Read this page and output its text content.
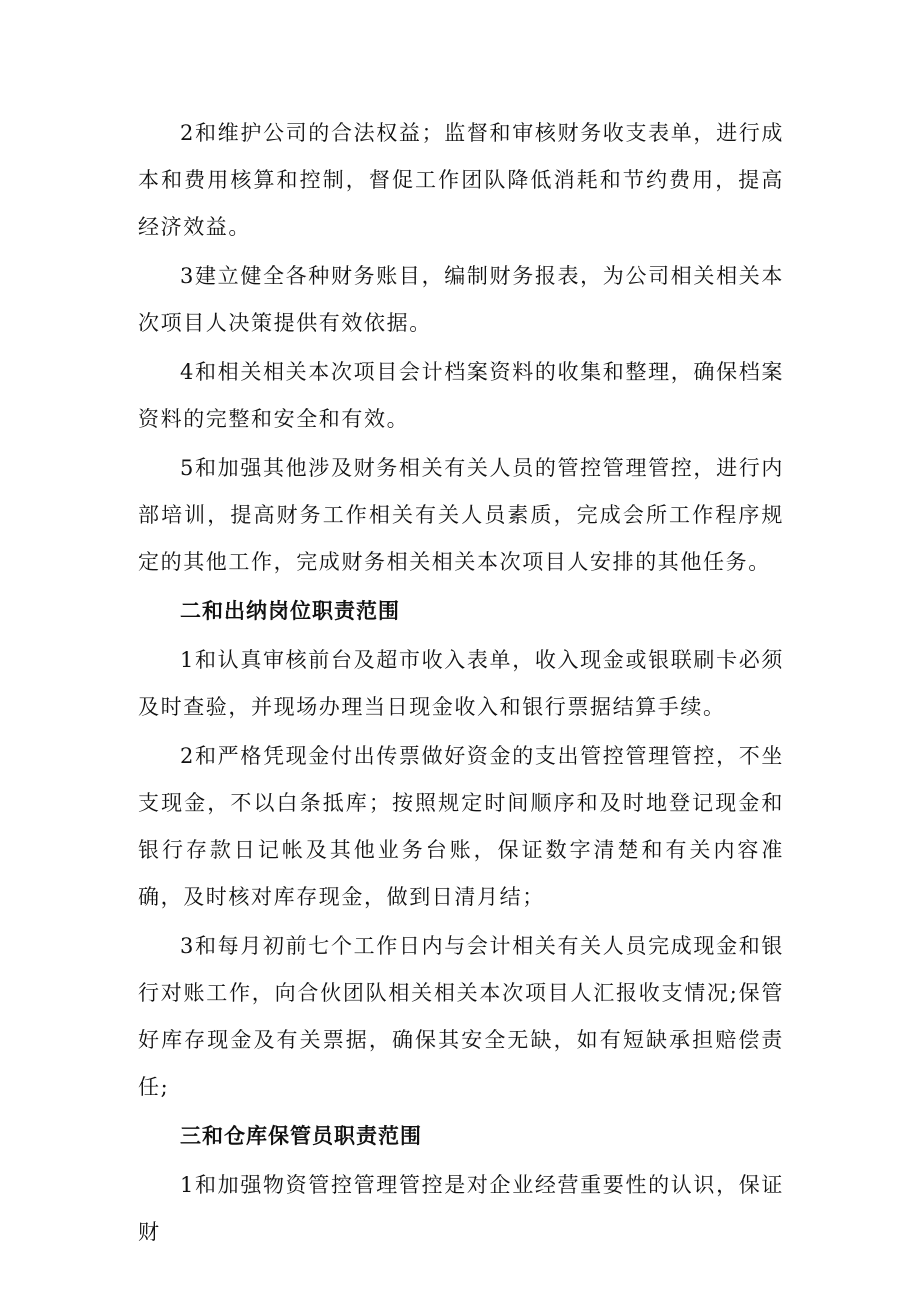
2和维护公司的合法权益；监督和审核财务收支表单，进行成本和费用核算和控制，督促工作团队降低消耗和节约费用，提高经济效益。

3建立健全各种财务账目，编制财务报表，为公司相关相关本次项目人决策提供有效依据。

4和相关相关本次项目会计档案资料的收集和整理，确保档案资料的完整和安全和有效。

5和加强其他涉及财务相关有关人员的管控管理管控，进行内部培训，提高财务工作相关有关人员素质，完成会所工作程序规定的其他工作，完成财务相关相关本次项目人安排的其他任务。

二和出纳岗位职责范围

1和认真审核前台及超市收入表单，收入现金或银联刷卡必须及时查验，并现场办理当日现金收入和银行票据结算手续。

2和严格凭现金付出传票做好资金的支出管控管理管控，不坐支现金，不以白条抵库；按照规定时间顺序和及时地登记现金和银行存款日记帐及其他业务台账，保证数字清楚和有关内容准确，及时核对库存现金，做到日清月结；

3和每月初前七个工作日内与会计相关有关人员完成现金和银行对账工作，向合伙团队相关相关本次项目人汇报收支情况;保管好库存现金及有关票据，确保其安全无缺，如有短缺承担赔偿责任;

三和仓库保管员职责范围

1和加强物资管控管理管控是对企业经营重要性的认识，保证财
